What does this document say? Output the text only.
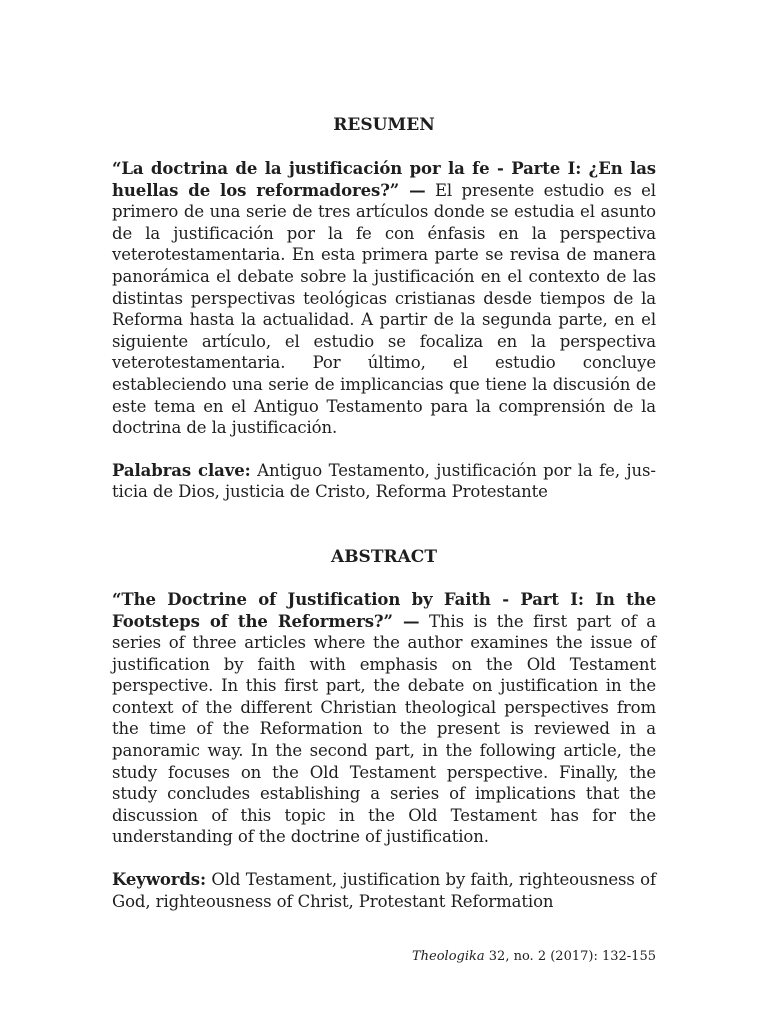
RESUMEN

“La doctrina de la justificación por la fe - Parte I: ¿En las huellas de los reformadores?” — El presente estudio es el primero de una serie de tres artículos donde se estudia el asunto de la justificación por la fe con énfasis en la perspectiva veterotestamentaria. En esta primera parte se revisa de manera panorámica el debate sobre la justificación en el contexto de las distintas perspectivas teológicas cristianas desde tiempos de la Reforma hasta la actualidad. A partir de la segunda parte, en el siguiente artículo, el estudio se focaliza en la perspectiva veterotestamentaria. Por último, el estudio concluye estableciendo una serie de implicancias que tiene la discusión de este tema en el Antiguo Testamento para la comprensión de la doctrina de la justificación.

Palabras clave: Antiguo Testamento, justificación por la fe, justicia de Dios, justicia de Cristo, Reforma Protestante

ABSTRACT

“The Doctrine of Justification by Faith - Part I: In the Footsteps of the Reformers?” — This is the first part of a series of three articles where the author examines the issue of justification by faith with emphasis on the Old Testament perspective. In this first part, the debate on justification in the context of the different Christian theological perspectives from the time of the Reformation to the present is reviewed in a panoramic way. In the second part, in the following article, the study focuses on the Old Testament perspective. Finally, the study concludes establishing a series of implications that the discussion of this topic in the Old Testament has for the understanding of the doctrine of justification.

Keywords: Old Testament, justification by faith, righteousness of God, righteousness of Christ, Protestant Reformation

Theologika 32, no. 2 (2017): 132-155
